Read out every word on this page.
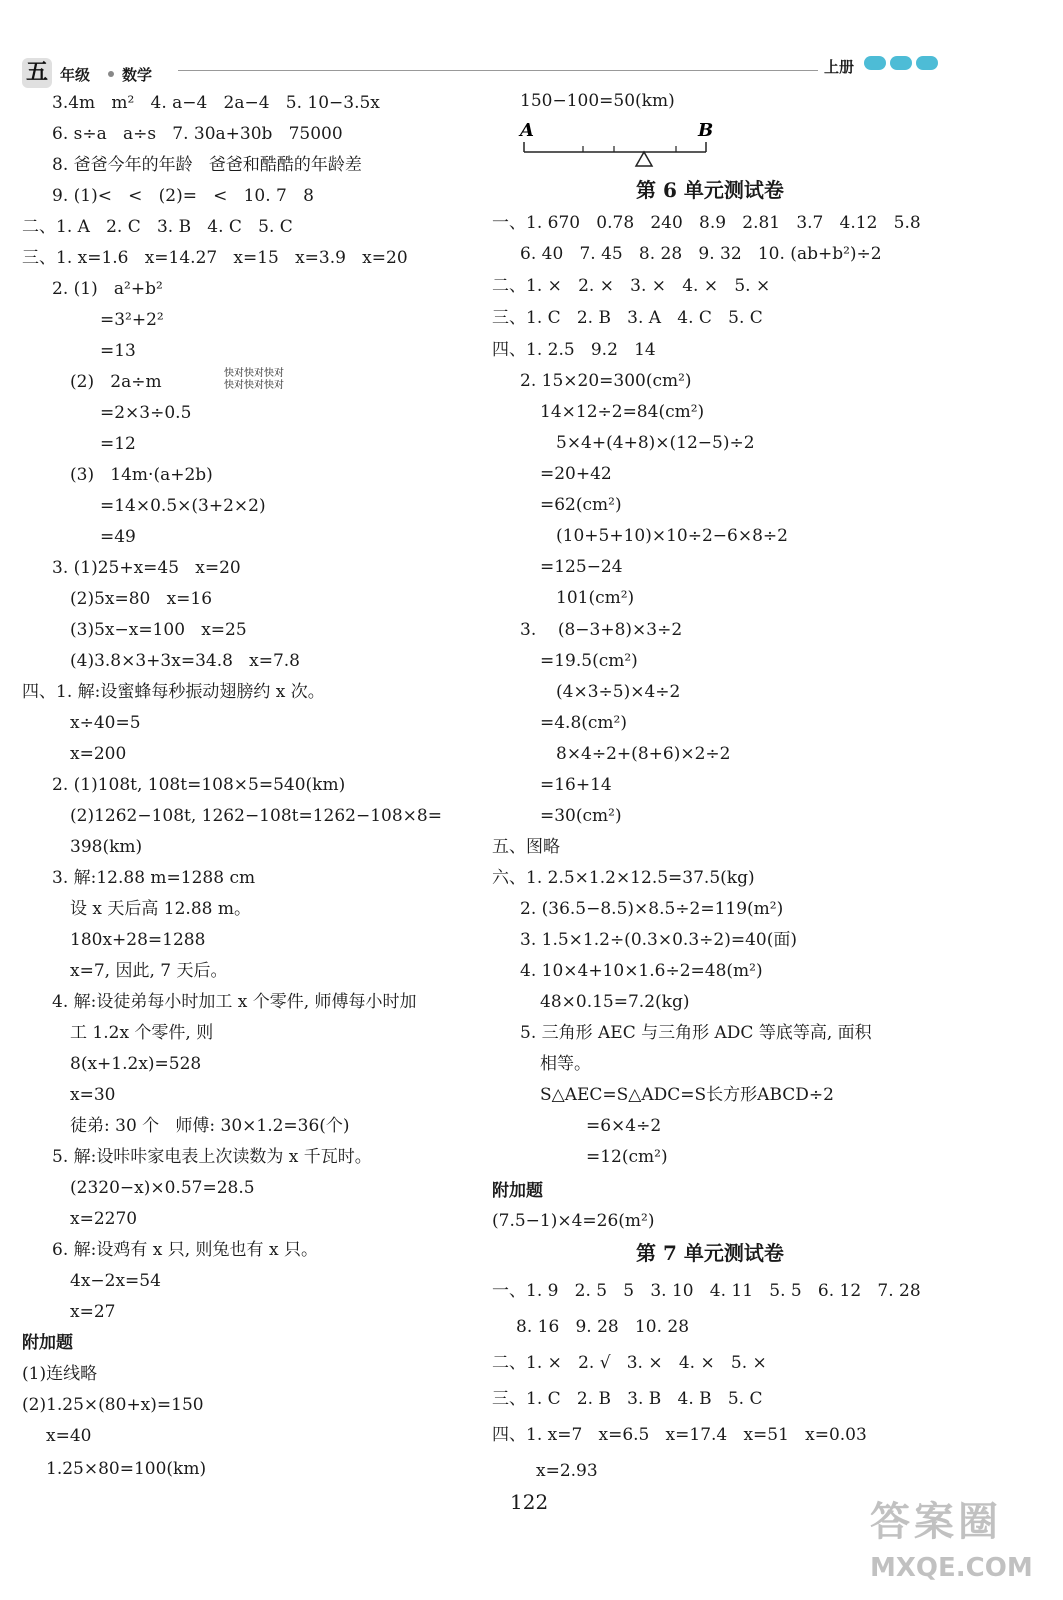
五 年级 数学	上册
3.4m   m²   4. a−4   2a−4   5. 10−3.5x
6. s÷a   a÷s   7. 30a+30b   75000
8. 爸爸今年的年龄   爸爸和酷酷的年龄差
9. (1)<   <   (2)=   <   10. 7   8
二、1. A   2. C   3. B   4. C   5. C
三、1. x=1.6   x=14.27   x=15   x=3.9   x=20
2. (1)   a²+b²
=3²+2²
=13
(2)   2a÷m
=2×3÷0.5
=12
(3)   14m·(a+2b)
=14×0.5×(3+2×2)
=49
3. (1)25+x=45   x=20
(2)5x=80   x=16
(3)5x−x=100   x=25
(4)3.8×3+3x=34.8   x=7.8
四、1. 解:设蜜蜂每秒振动翅膀约 x 次。
x÷40=5
x=200
2. (1)108t, 108t=108×5=540(km)
(2)1262−108t, 1262−108t=1262−108×8=
398(km)
3. 解:12.88 m=1288 cm
设 x 天后高 12.88 m。
180x+28=1288
x=7, 因此, 7 天后。
4. 解:设徒弟每小时加工 x 个零件, 师傅每小时加
工 1.2x 个零件, 则
8(x+1.2x)=528
x=30
徒弟: 30 个   师傅: 30×1.2=36(个)
5. 解:设咔咔家电表上次读数为 x 千瓦时。
(2320−x)×0.57=28.5
x=2270
6. 解:设鸡有 x 只, 则兔也有 x 只。
4x−2x=54
x=27
附加题
(1)连线略
(2)1.25×(80+x)=150
x=40
1.25×80=100(km)
快对快对快对
快对快对快对
A	B
150−100=50(km)
一、1. 670   0.78   240   8.9   2.81   3.7   4.12   5.8
6. 40   7. 45   8. 28   9. 32   10. (ab+b²)÷2
二、1. ×   2. ×   3. ×   4. ×   5. ×
三、1. C   2. B   3. A   4. C   5. C
四、1. 2.5   9.2   14
2. 15×20=300(cm²)
14×12÷2=84(cm²)
5×4+(4+8)×(12−5)÷2
=20+42
=62(cm²)
(10+5+10)×10÷2−6×8÷2
=125−24
101(cm²)
3.    (8−3+8)×3÷2
=19.5(cm²)
(4×3÷5)×4÷2
=4.8(cm²)
8×4÷2+(8+6)×2÷2
=16+14
=30(cm²)
五、图略
六、1. 2.5×1.2×12.5=37.5(kg)
2. (36.5−8.5)×8.5÷2=119(m²)
3. 1.5×1.2÷(0.3×0.3÷2)=40(面)
4. 10×4+10×1.6÷2=48(m²)
48×0.15=7.2(kg)
5. 三角形 AEC 与三角形 ADC 等底等高, 面积
相等。
S△AEC=S△ADC=S长方形ABCD÷2
=6×4÷2
=12(cm²)
附加题
(7.5−1)×4=26(m²)
一、1. 9   2. 5   5   3. 10   4. 11   5. 5   6. 12   7. 28
8. 16   9. 28   10. 28
二、1. ×   2. √   3. ×   4. ×   5. ×
三、1. C   2. B   3. B   4. B   5. C
四、1. x=7   x=6.5   x=17.4   x=51   x=0.03
x=2.93
第 6 单元测试卷
第 7 单元测试卷
122	答案圈
MXQE.COM
